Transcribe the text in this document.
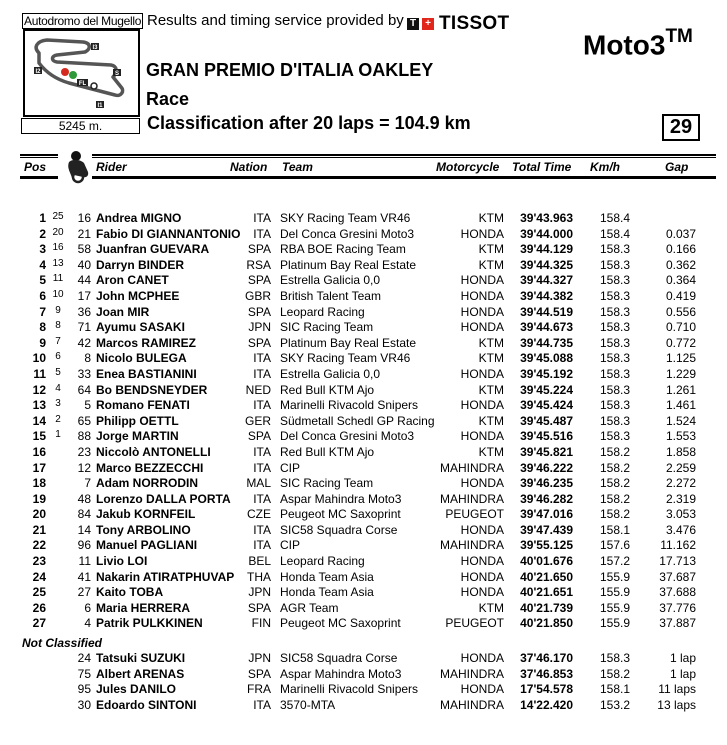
Autodromo del Mugello Results and timing service provided by T + TISSOT
FL
I3
I2	S
I1
5245 m.
Moto3™
GRAN PREMIO D'ITALIA OAKLEY
Race
Classification after 20 laps = 104.9 km	29
Pos	Rider	Nation Team	Motorcycle Total Time Km/h	Gap
1 25	16 Andrea MIGNO	ITA SKY Racing Team VR46	KTM	39'43.963	158.4
2 20	21 Fabio DI GIANNANTONIO	ITA Del Conca Gresini Moto3	HONDA	39'44.000	158.4	0.037
3 16	58 Juanfran GUEVARA	SPA RBA BOE Racing Team	KTM	39'44.129	158.3	0.166
4 13	40 Darryn BINDER	RSA Platinum Bay Real Estate	KTM	39'44.325	158.3	0.362
5 11	44 Aron CANET	SPA Estrella Galicia 0,0	HONDA	39'44.327	158.3	0.364
6 10	17 John MCPHEE	GBR British Talent Team	HONDA	39'44.382	158.3	0.419
7 9	36 Joan MIR	SPA Leopard Racing	HONDA	39'44.519	158.3	0.556
8 8	71 Ayumu SASAKI	JPN SIC Racing Team	HONDA	39'44.673	158.3	0.710
9 7	42 Marcos RAMIREZ	SPA Platinum Bay Real Estate	KTM	39'44.735	158.3	0.772
10 6	8 Nicolo BULEGA	ITA SKY Racing Team VR46	KTM	39'45.088	158.3	1.125
11 5	33 Enea BASTIANINI	ITA Estrella Galicia 0,0	HONDA	39'45.192	158.3	1.229
12 4	64 Bo BENDSNEYDER	NED Red Bull KTM Ajo	KTM	39'45.224	158.3	1.261
13 3	5 Romano FENATI	ITA Marinelli Rivacold Snipers	HONDA	39'45.424	158.3	1.461
14 2	65 Philipp OETTL	GER Südmetall Schedl GP Racing	KTM	39'45.487	158.3	1.524
15 1	88 Jorge MARTIN	SPA Del Conca Gresini Moto3	HONDA	39'45.516	158.3	1.553
16	23 Niccolò ANTONELLI	ITA Red Bull KTM Ajo	KTM	39'45.821	158.2	1.858
17	12 Marco BEZZECCHI	ITA CIP	MAHINDRA	39'46.222	158.2	2.259
18	7 Adam NORRODIN	MAL SIC Racing Team	HONDA	39'46.235	158.2	2.272
19	48 Lorenzo DALLA PORTA	ITA Aspar Mahindra Moto3	MAHINDRA	39'46.282	158.2	2.319
20	84 Jakub KORNFEIL	CZE Peugeot MC Saxoprint	PEUGEOT	39'47.016	158.2	3.053
21	14 Tony ARBOLINO	ITA SIC58 Squadra Corse	HONDA	39'47.439	158.1	3.476
22	96 Manuel PAGLIANI	ITA CIP	MAHINDRA	39'55.125	157.6	11.162
23	11 Livio LOI	BEL Leopard Racing	HONDA	40'01.676	157.2	17.713
24	41 Nakarin ATIRATPHUVAP	THA Honda Team Asia	HONDA	40'21.650	155.9	37.687
25	27 Kaito TOBA	JPN Honda Team Asia	HONDA	40'21.651	155.9	37.688
26	6 Maria HERRERA	SPA AGR Team	KTM	40'21.739	155.9	37.776
27	4 Patrik PULKKINEN	FIN Peugeot MC Saxoprint	PEUGEOT	40'21.850	155.9	37.887
Not Classified
24 Tatsuki SUZUKI	JPN SIC58 Squadra Corse	HONDA	37'46.170	158.3	1 lap
75 Albert ARENAS	SPA Aspar Mahindra Moto3	MAHINDRA	37'46.853	158.2	1 lap
95 Jules DANILO	FRA Marinelli Rivacold Snipers	HONDA	17'54.578	158.1	11 laps
30 Edoardo SINTONI	ITA 3570-MTA	MAHINDRA	14'22.420	153.2	13 laps
